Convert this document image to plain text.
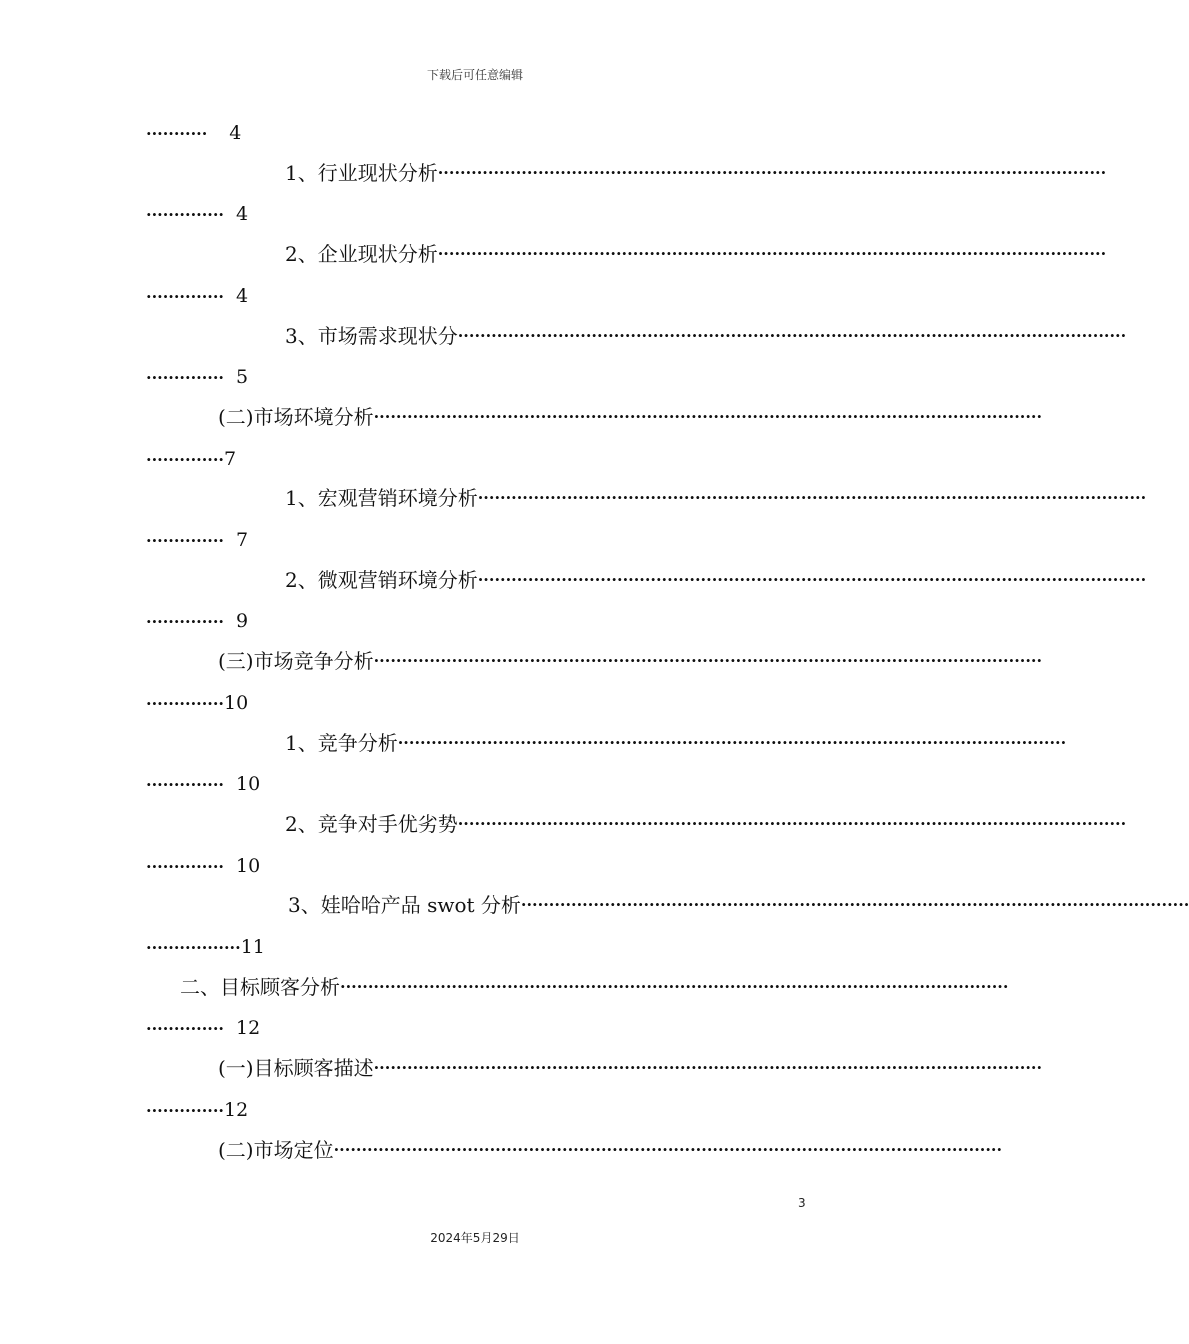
下载后可任意编辑
··········· 4
1、行业现状分析 ························································································································
·············· 4
2、企业现状分析 ························································································································
·············· 4
3、市场需求现状分 ························································································································
·············· 5
(二)市场环境分析 ························································································································
··············7
1、宏观营销环境分析 ························································································································
·············· 7
2、微观营销环境分析 ························································································································
·············· 9
(三)市场竞争分析 ························································································································
··············10
1、竞争分析 ························································································································
·············· 10
2、竞争对手优劣势 ························································································································
·············· 10
3、娃哈哈产品 swot 分析 ························································································································
·················11
二、目标顾客分析 ························································································································
·············· 12
(一)目标顾客描述 ························································································································
··············12
(二)市场定位 ························································································································
3
2024年5月29日
